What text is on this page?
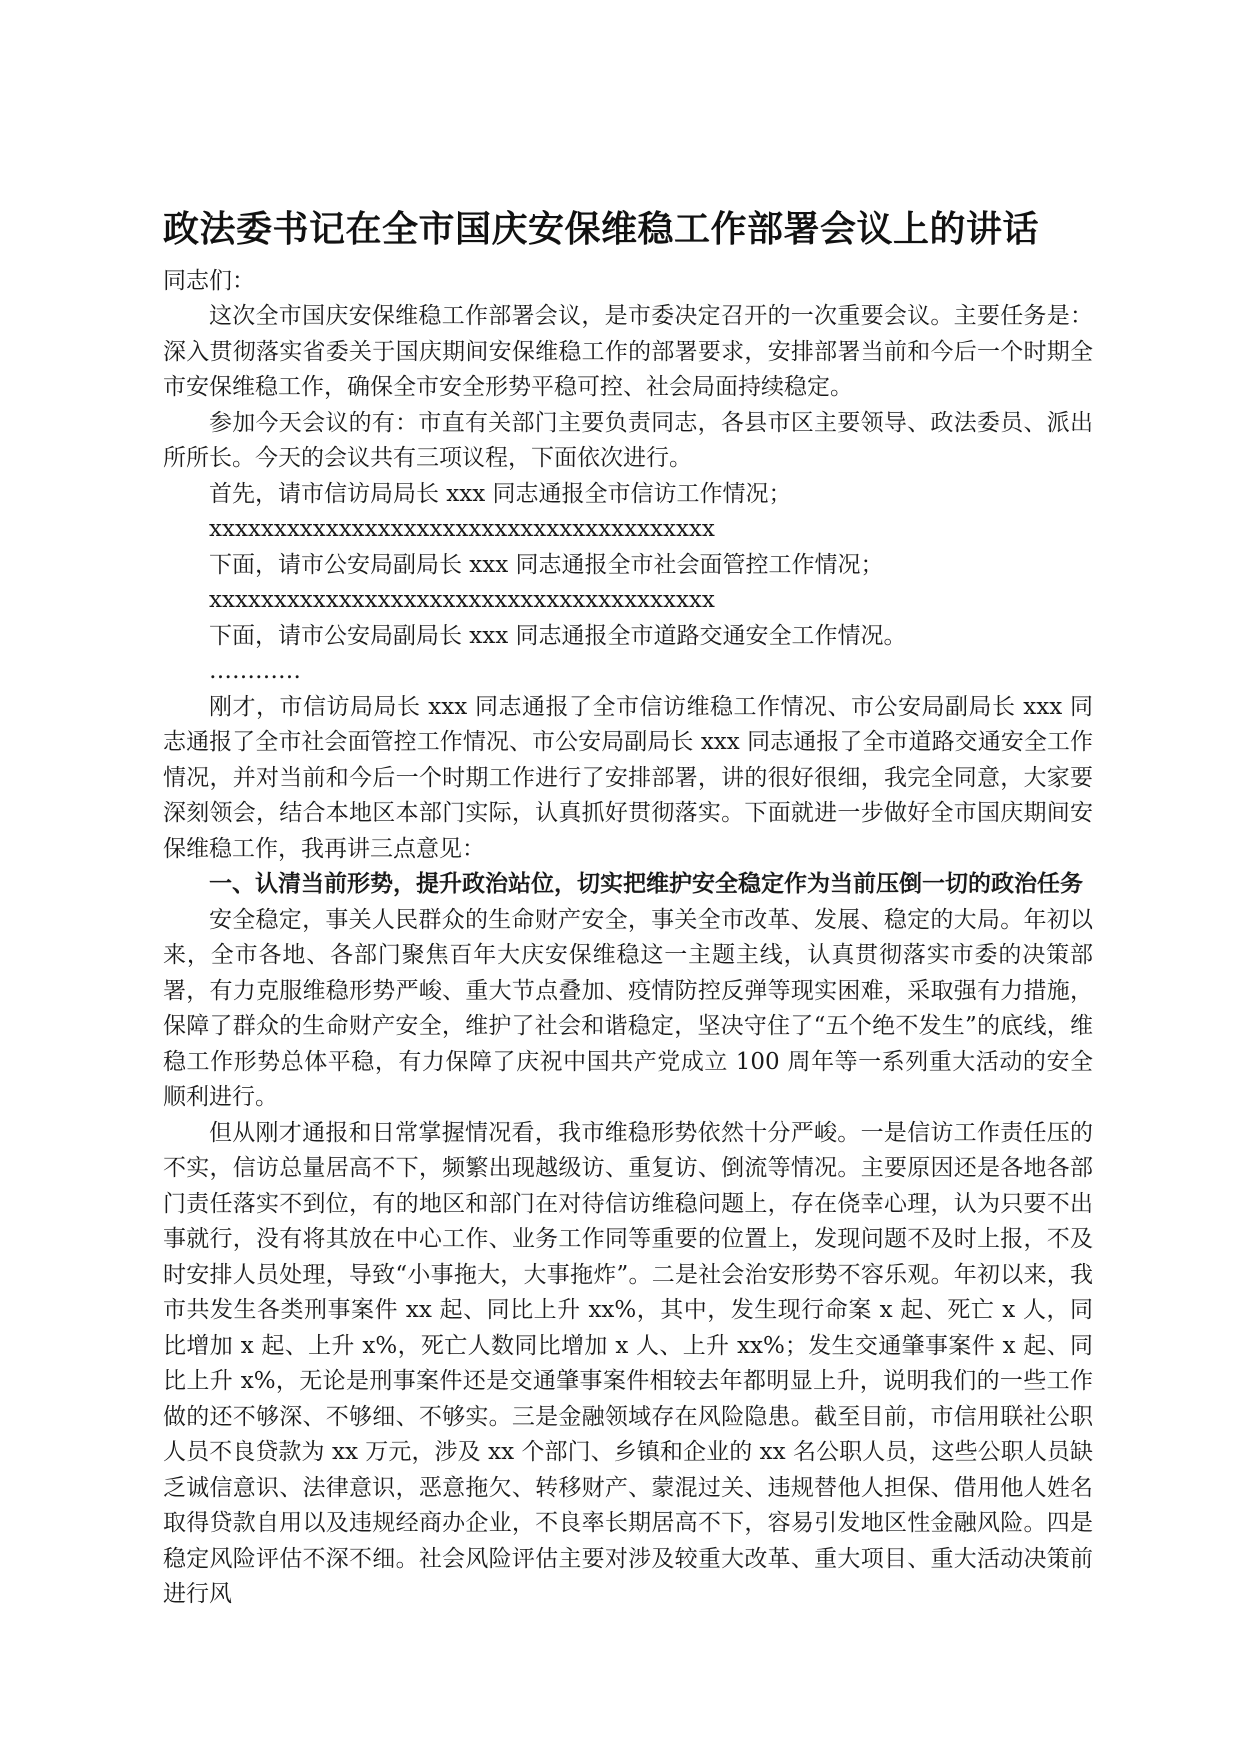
政法委书记在全市国庆安保维稳工作部署会议上的讲话

同志们：

这次全市国庆安保维稳工作部署会议，是市委决定召开的一次重要会议。主要任务是：深入贯彻落实省委关于国庆期间安保维稳工作的部署要求，安排部署当前和今后一个时期全市安保维稳工作，确保全市安全形势平稳可控、社会局面持续稳定。

参加今天会议的有：市直有关部门主要负责同志，各县市区主要领导、政法委员、派出所所长。今天的会议共有三项议程，下面依次进行。

首先，请市信访局局长 xxx 同志通报全市信访工作情况；

xxxxxxxxxxxxxxxxxxxxxxxxxxxxxxxxxxxxxxx

下面，请市公安局副局长 xxx 同志通报全市社会面管控工作情况；

xxxxxxxxxxxxxxxxxxxxxxxxxxxxxxxxxxxxxxx

下面，请市公安局副局长 xxx 同志通报全市道路交通安全工作情况。

…………

刚才，市信访局局长 xxx 同志通报了全市信访维稳工作情况、市公安局副局长 xxx 同志通报了全市社会面管控工作情况、市公安局副局长 xxx 同志通报了全市道路交通安全工作情况，并对当前和今后一个时期工作进行了安排部署，讲的很好很细，我完全同意，大家要深刻领会，结合本地区本部门实际，认真抓好贯彻落实。下面就进一步做好全市国庆期间安保维稳工作，我再讲三点意见：

一、认清当前形势，提升政治站位，切实把维护安全稳定作为当前压倒一切的政治任务

安全稳定，事关人民群众的生命财产安全，事关全市改革、发展、稳定的大局。年初以来，全市各地、各部门聚焦百年大庆安保维稳这一主题主线，认真贯彻落实市委的决策部署，有力克服维稳形势严峻、重大节点叠加、疫情防控反弹等现实困难，采取强有力措施，保障了群众的生命财产安全，维护了社会和谐稳定，坚决守住了“五个绝不发生”的底线，维稳工作形势总体平稳，有力保障了庆祝中国共产党成立 100 周年等一系列重大活动的安全顺利进行。

但从刚才通报和日常掌握情况看，我市维稳形势依然十分严峻。一是信访工作责任压的不实，信访总量居高不下，频繁出现越级访、重复访、倒流等情况。主要原因还是各地各部门责任落实不到位，有的地区和部门在对待信访维稳问题上，存在侥幸心理，认为只要不出事就行，没有将其放在中心工作、业务工作同等重要的位置上，发现问题不及时上报，不及时安排人员处理，导致“小事拖大，大事拖炸”。二是社会治安形势不容乐观。年初以来，我市共发生各类刑事案件 xx 起、同比上升 xx%，其中，发生现行命案 x 起、死亡 x 人，同比增加 x 起、上升 x%，死亡人数同比增加 x 人、上升 xx%；发生交通肇事案件 x 起、同比上升 x%，无论是刑事案件还是交通肇事案件相较去年都明显上升，说明我们的一些工作做的还不够深、不够细、不够实。三是金融领域存在风险隐患。截至目前，市信用联社公职人员不良贷款为 xx 万元，涉及 xx 个部门、乡镇和企业的 xx 名公职人员，这些公职人员缺乏诚信意识、法律意识，恶意拖欠、转移财产、蒙混过关、违规替他人担保、借用他人姓名取得贷款自用以及违规经商办企业，不良率长期居高不下，容易引发地区性金融风险。四是稳定风险评估不深不细。社会风险评估主要对涉及较重大改革、重大项目、重大活动决策前进行风
